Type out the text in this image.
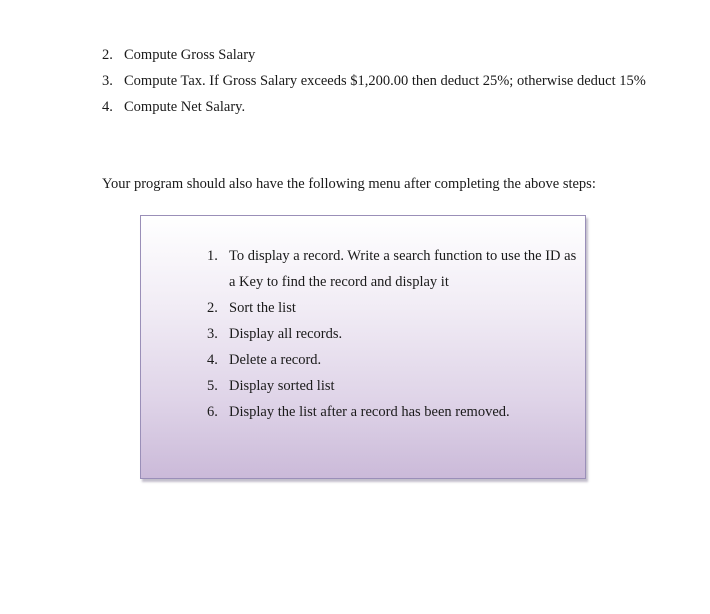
2. Compute Gross Salary
3. Compute Tax. If Gross Salary exceeds $1,200.00 then deduct 25%; otherwise deduct 15%
4. Compute Net Salary.

Your program should also have the following menu after completing the above steps:

1. To display a record. Write a search function to use the ID as a Key to find the record and display it
2. Sort the list
3. Display all records.
4. Delete a record.
5. Display sorted list
6. Display the list after a record has been removed.
